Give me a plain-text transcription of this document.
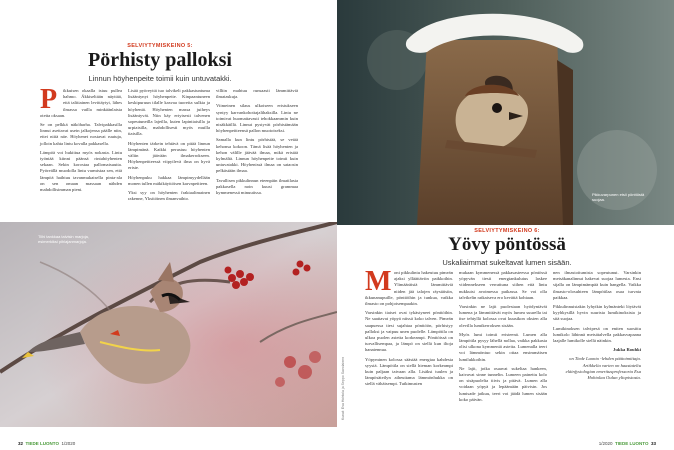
SELVIYTYMISKEINO 5:
Pörhisty palloksi
Linnun höyhenpeite toimii kuin untuvatakki.
P	ikkuisen okaalla istuu pullea hahmo. Äkkiseltään näyttää, että talitiainen levittäytyi, lähes ilmassa vailla minkäänlaista otetta oksaan.

Se on pelkkä näköharha. Talvipakkasilla linnut asettavat usein jalkojensa päälle niin, ettei niitä näe. Höyhenet nostavat ruutuja, jolloin kahta lintu kovalla pakkasella.

Lämpöä voi hukittua myös nokasta. Lintu työntää kiinni päänsä rintahöyhenten sekaan. Sekin korostaa pallomaisuutta. Pyöreällä muodolla lintu varmistaa sen, että lämpöä haihtuu tavanmukaisella pinta-ala on sen omaan massaan nähden mahdollisimman pieni.

Lisää pyöreyttä tuo talvikeli pakkastuntuma lisääntynyt höyhenpeite. Kinpaantuneen keskipuruun tilalle kasvaa tuoreita sulkia ja höyheniä. Höyhenten massa juiheys lisääntyvät. Niin käy ertyisesti talvenen sopeutuneilla lajeilla, kuten lapintiaisilla ja urpiaisilla, mahdollisesti myös muilla tiaisilla.

Höyhenten tärkein tehtävä on pitää linnun lämpimänä. Kaikki perustuu höyhenten väliin jäävään ilmakerrokseen. Höyhenpeitteessä viipyilevä ilma on hyvä eriste.

Höyhenpuku hakkaa lämpimyydellään monen tullen mäkikäyttöisen karvapeitteen.

Yksi syy on höyhenten fraktaalimainen rakenne, Yksitöinen ilmanvaihto.

villiin mahtuu runsaasti lämmittäviä ilmataskuja.

Viimeinen silaus ulkoiseen eristukseen syntyy karvankohottajalihaksilla. Lintu ne toimivat huomattavasti tehokkaammin kuin nisäkkäillä. Linnut pystyvät pörhistämään höyhenpeitteensä pallon muotoiseksi.

Samalla kun lintu pörhistää, se vetää kehonsa kokoon. Tämä lisää höyhenten ja kehon välille jäävää ilmaa, mikä eristää kylmältä. Linnun höyhenpeite toimii kuin untuvatakki. Höyhenissä ilmaa on sataosin pelkästään ilmaa.

Tavallisen pikkulinnun eteenpäin ilmatilasta pakkasella noin kuusi grammaa kymmenessä minuutissa.

Tilhi tankkaa talvisin marjoja, esimerkiksi pihlajanmarjoja.
32 TIEDE LUONTO 1/2020
Pikkuvarpunen etsii pönttöstä suojaa.
SELVIYTYMISKEINO 6:
Yövy pöntössä
Uskaliaimmat sukeltavat lumen sisään.
M oni pikkulintu hakeutuu pimeän ajaksi ylläättäviin paikkoihin. Ylimääräisiä lämmittäviä niiden jää talojen räystäisiin, ikkunanupuille, pönttöihin ja tunkua, vaikka ilmasto on pohjoisempaakin.

Varsinkin tiaiset ovat tykästyneet pönttöihin. Ne saattavat yöpyä niissä koko talven. Pimeän saapuessa tiesi sujahtaa pönttöön, pörhistyy palloksi ja vaipuu unen puolelle. Lämpötila on ulkoa puolen astetta korkeampi. Pönttöissä on turvallisempaa, ja lämpö on siellä kun iltoja hanatennua.

Yöpyminen kolossa säästää energiaa kahdesta syystä. Lämpötila on siellä hieman korkeampi kuin paljaan taivaan alla. Lisäksi tuulen ja lämpösäteilyn aiheuttama lämmönhukka on siellä vähäisempi. Tutkimusten

mukaan kymmenessä pakkasasteessa pöntössä yöpyvän tiesii energiankulutus laskee viidennekseen verrattuna siihen että lintu nukkuisi avoimessa paikassa. Se voi olla talvikelin ratkaiseva ero kevättä kohtaan.

Varsinkin ne lajit puolestaan hyödyntävät lumena ja lämmittävät myös lumea suurella tai itse tehtyllä kolossa ovat kuusikon oksien alla olevilla lumikerroksen sisään.

Myös lumi toimii eristeenä. Lumen alla lämpötila pysyy lähellä nollaa, vaikka pakkasta olisi ulkona kymmeniä asteita. Lumenalla teeri voi lämmöntuo sekin ottaa ensimmäisen lumilukkoihin.

Ne lajit, jotka osaavat sukeltaa hankeen, kaivavat sinne tunnelin. Lumeen painettu kolo on sisäpuolelta tiivis ja pitävä. Lumen alla voidaan yöpyä ja lepäämään päivisin. Jos lumisade jatkuu, teeri voi jäädä lumen sisään koko päivän.

nen ilmastoitumista sopeutunut. Varsinkin metsäkanalinnut hakevat suojaa lumesta. Ensi sijalla on lämpimämpää kuin hangella. Vaikka ilmasto-olosuhteen lämpötilaa osaa turvata paikkaa.

Pikkulinnuistakin lyhytkin kylmänteki löytävät kyyhkysillä hyvin suurista lumikinoksista ja sitä suojaa.

Lumikinoksen talvipesä on eniten suosittu lumikolo lähinnä metsätalvella pakkasvapaana laajalle lumikolle siellä näinkin.

Jukka Rouhki

on Tiede Luonto -lehden päätoimittaja. Artikkelia varten on haastateltu eläinfysiologian emeritusprofessoria Esa Hohtolaa Oulun yliopistosta.

Kuvat: Esa Hohtola ja Seppo Savolainen
1/2020 TIEDE LUONTO 33
